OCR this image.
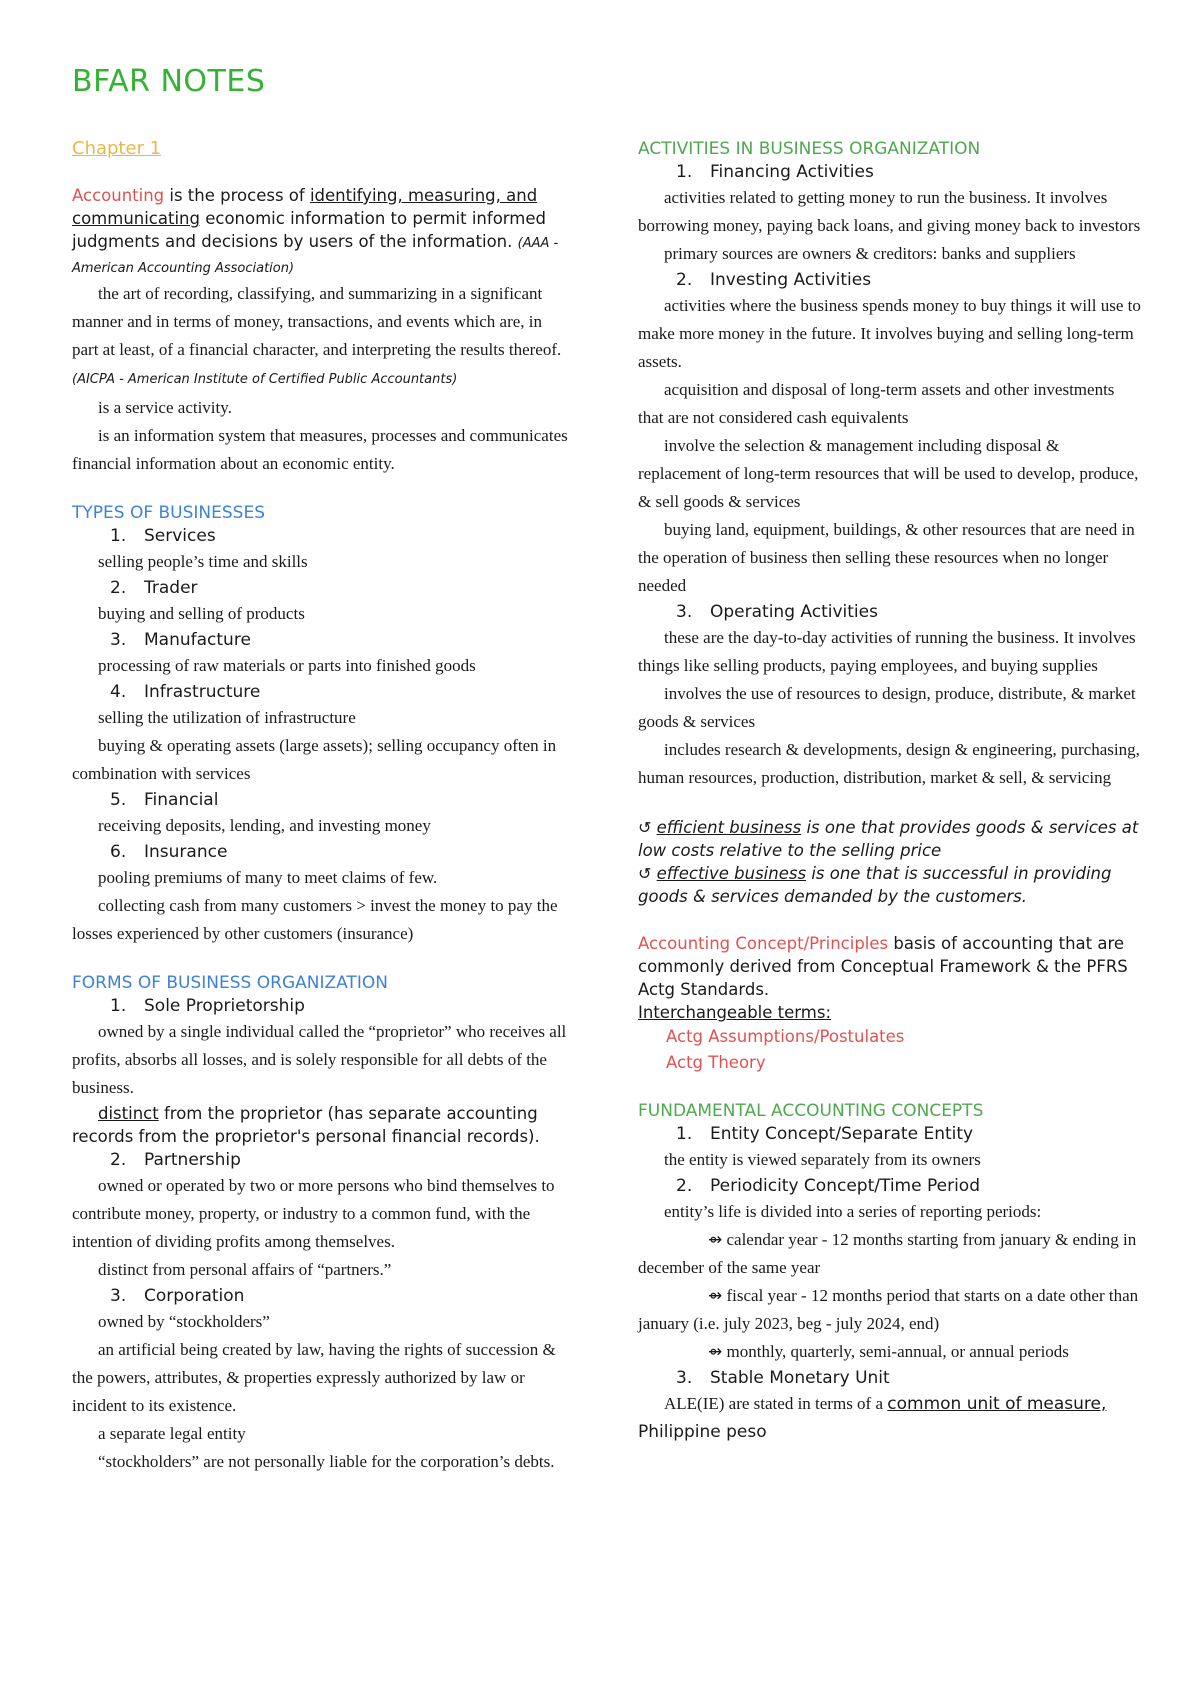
BFAR NOTES
Chapter 1

Accounting is the process of identifying, measuring, and communicating economic information to permit informed judgments and decisions by users of the information. (AAA - American Accounting Association)

the art of recording, classifying, and summarizing in a significant manner and in terms of money, transactions, and events which are, in part at least, of a financial character, and interpreting the results thereof. (AICPA - American Institute of Certified Public Accountants)

is a service activity.

is an information system that measures, processes and communicates financial information about an economic entity.

TYPES OF BUSINESSES
1. Services

selling people’s time and skills

2. Trader

buying and selling of products

3. Manufacture

processing of raw materials or parts into finished goods

4. Infrastructure

selling the utilization of infrastructure

buying & operating assets (large assets); selling occupancy often in combination with services

5. Financial

receiving deposits, lending, and investing money

6. Insurance

pooling premiums of many to meet claims of few.

collecting cash from many customers > invest the money to pay the losses experienced by other customers (insurance)

FORMS OF BUSINESS ORGANIZATION
1. Sole Proprietorship

owned by a single individual called the “proprietor” who receives all profits, absorbs all losses, and is solely responsible for all debts of the business.

distinct from the proprietor (has separate accounting records from the proprietor's personal financial records).

2. Partnership

owned or operated by two or more persons who bind themselves to contribute money, property, or industry to a common fund, with the intention of dividing profits among themselves.

distinct from personal affairs of “partners.”

3. Corporation

owned by “stockholders”

an artificial being created by law, having the rights of succession & the powers, attributes, & properties expressly authorized by law or incident to its existence.

a separate legal entity

“stockholders” are not personally liable for the corporation’s debts.

ACTIVITIES IN BUSINESS ORGANIZATION
1. Financing Activities

activities related to getting money to run the business. It involves borrowing money, paying back loans, and giving money back to investors

primary sources are owners & creditors: banks and suppliers

2. Investing Activities

activities where the business spends money to buy things it will use to make more money in the future. It involves buying and selling long-term assets.

acquisition and disposal of long-term assets and other investments that are not considered cash equivalents

involve the selection & management including disposal & replacement of long-term resources that will be used to develop, produce, & sell goods & services

buying land, equipment, buildings, & other resources that are need in the operation of business then selling these resources when no longer needed

3. Operating Activities

these are the day-to-day activities of running the business. It involves things like selling products, paying employees, and buying supplies

involves the use of resources to design, produce, distribute, & market goods & services

includes research & developments, design & engineering, purchasing, human resources, production, distribution, market & sell, & servicing

↺ efficient business is one that provides goods & services at low costs relative to the selling price

↺ effective business is one that is successful in providing goods & services demanded by the customers.

Accounting Concept/Principles basis of accounting that are commonly derived from Conceptual Framework & the PFRS Actg Standards.

Interchangeable terms:

Actg Assumptions/Postulates

Actg Theory

FUNDAMENTAL ACCOUNTING CONCEPTS
1. Entity Concept/Separate Entity

the entity is viewed separately from its owners

2. Periodicity Concept/Time Period

entity’s life is divided into a series of reporting periods:

⇴ calendar year - 12 months starting from january & ending in december of the same year

⇴ fiscal year - 12 months period that starts on a date other than january (i.e. july 2023, beg - july 2024, end)

⇴ monthly, quarterly, semi-annual, or annual periods

3. Stable Monetary Unit

ALE(IE) are stated in terms of a common unit of measure, Philippine peso
